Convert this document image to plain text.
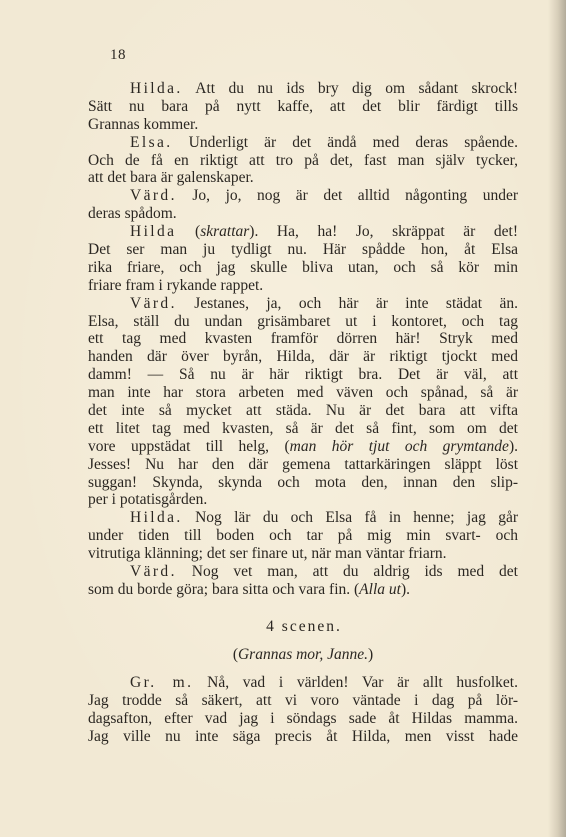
18
Hilda. Att du nu ids bry dig om sådant skrock!
Sätt nu bara på nytt kaffe, att det blir färdigt tills
Grannas kommer.
Elsa. Underligt är det ändå med deras spående.
Och de få en riktigt att tro på det, fast man själv tycker,
att det bara är galenskaper.
Värd. Jo, jo, nog är det alltid någonting under
deras spådom.
Hilda (skrattar). Ha, ha! Jo, skräppat är det!
Det ser man ju tydligt nu. Här spådde hon, åt Elsa
rika friare, och jag skulle bliva utan, och så kör min
friare fram i rykande rappet.
Värd. Jestanes, ja, och här är inte städat än.
Elsa, ställ du undan grisämbaret ut i kontoret, och tag
ett tag med kvasten framför dörren här! Stryk med
handen där över byrån, Hilda, där är riktigt tjockt med
damm! — Så nu är här riktigt bra. Det är väl, att
man inte har stora arbeten med väven och spånad, så är
det inte så mycket att städa. Nu är det bara att vifta
ett litet tag med kvasten, så är det så fint, som om det
vore uppstädat till helg, (man hör tjut och grymtande).
Jesses! Nu har den där gemena tattarkäringen släppt löst
suggan! Skynda, skynda och mota den, innan den slip-
per i potatisgården.
Hilda. Nog lär du och Elsa få in henne; jag går
under tiden till boden och tar på mig min svart- och
vitrutiga klänning; det ser finare ut, när man väntar friarn.
Värd. Nog vet man, att du aldrig ids med det
som du borde göra; bara sitta och vara fin. (Alla ut).
4 scenen.
(Grannas mor, Janne.)
Gr. m. Nå, vad i världen! Var är allt husfolket.
Jag trodde så säkert, att vi voro väntade i dag på lör-
dagsafton, efter vad jag i söndags sade åt Hildas mamma.
Jag ville nu inte säga precis åt Hilda, men visst hade
